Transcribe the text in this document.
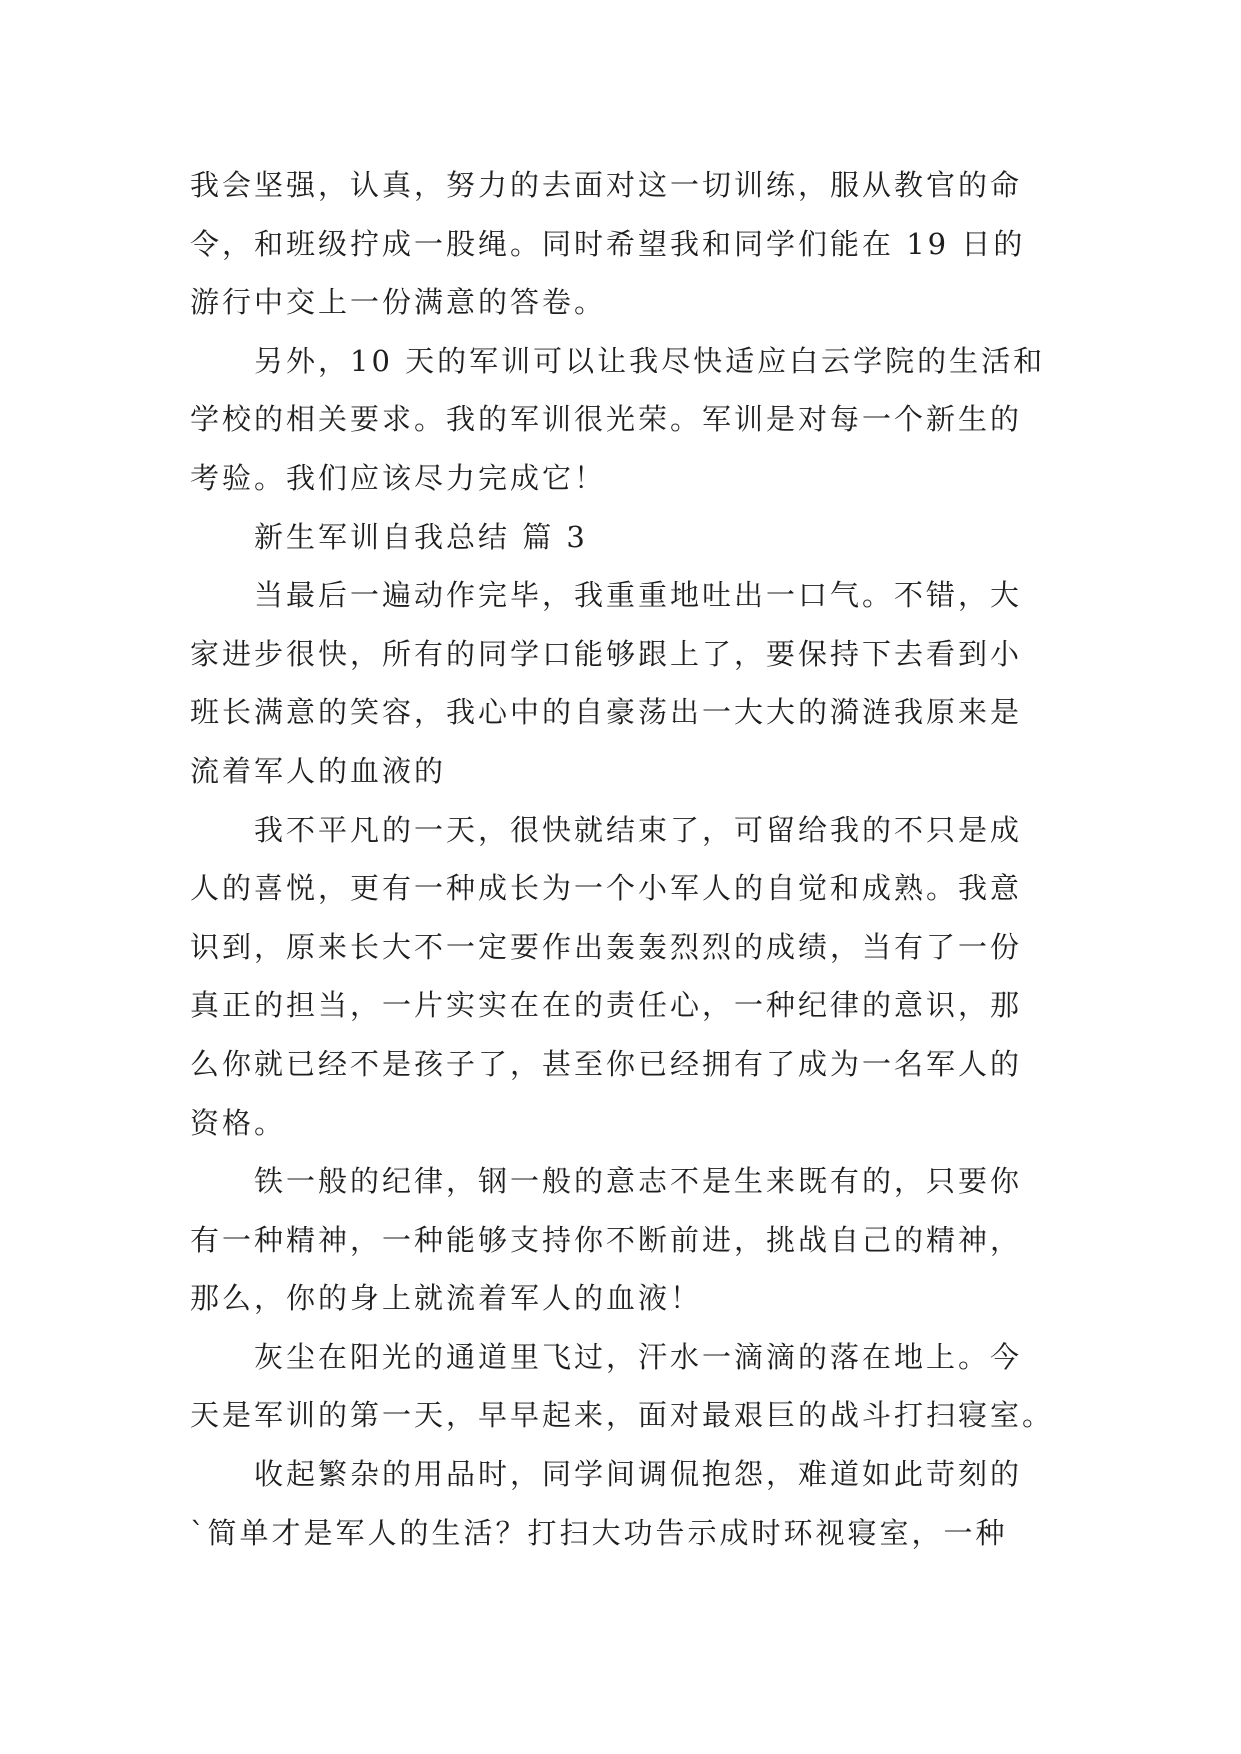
我会坚强，认真，努力的去面对这一切训练，服从教官的命
令，和班级拧成一股绳。同时希望我和同学们能在 19 日的
游行中交上一份满意的答卷。
另外，10 天的军训可以让我尽快适应白云学院的生活和
学校的相关要求。我的军训很光荣。军训是对每一个新生的
考验。我们应该尽力完成它！
新生军训自我总结 篇 3
当最后一遍动作完毕，我重重地吐出一口气。不错，大
家进步很快，所有的同学口能够跟上了，要保持下去看到小
班长满意的笑容，我心中的自豪荡出一大大的漪涟我原来是
流着军人的血液的
我不平凡的一天，很快就结束了，可留给我的不只是成
人的喜悦，更有一种成长为一个小军人的自觉和成熟。我意
识到，原来长大不一定要作出轰轰烈烈的成绩，当有了一份
真正的担当，一片实实在在的责任心，一种纪律的意识，那
么你就已经不是孩子了，甚至你已经拥有了成为一名军人的
资格。
铁一般的纪律，钢一般的意志不是生来既有的，只要你
有一种精神，一种能够支持你不断前进，挑战自己的精神，
那么，你的身上就流着军人的血液！
灰尘在阳光的通道里飞过，汗水一滴滴的落在地上。今
天是军训的第一天，早早起来，面对最艰巨的战斗打扫寝室。
收起繁杂的用品时，同学间调侃抱怨，难道如此苛刻的
`简单才是军人的生活？打扫大功告示成时环视寝室，一种
